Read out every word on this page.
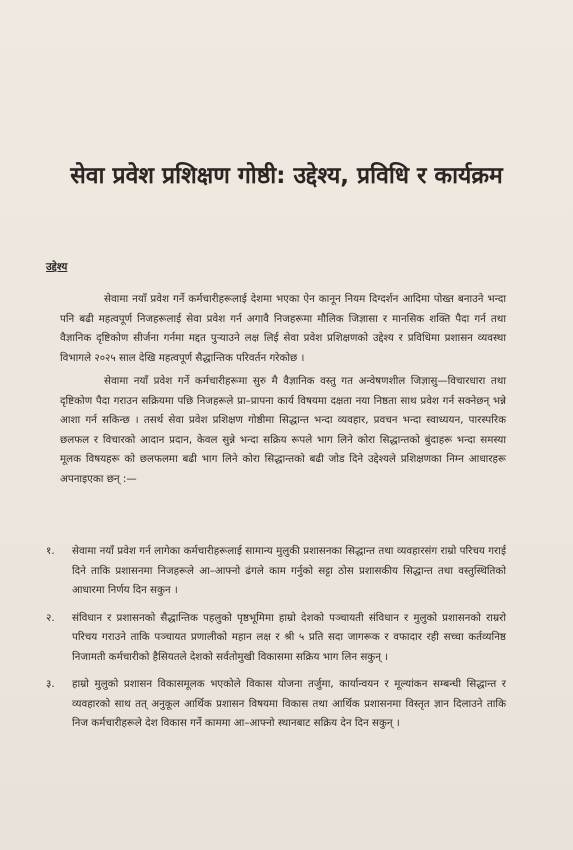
सेवा प्रवेश प्रशिक्षण गोष्ठी: उद्देश्य, प्रविधि र कार्यक्रम
उद्देश्य

सेवामा नयाँ प्रवेश गर्ने कर्मचारीहरूलाई देशमा भएका ऐन कानून नियम दिग्दर्शन आदिमा पोख्त बनाउने भन्दा पनि बढी महत्वपूर्ण निजहरूलाई सेवा प्रवेश गर्न अगावै निजहरूमा मौलिक जिज्ञासा र मानसिक शक्ति पैदा गर्न तथा वैज्ञानिक दृष्टिकोण सीर्जना गर्नमा मद्दत पुऱ्याउने लक्ष लिई सेवा प्रवेश प्रशिक्षणको उद्देश्य र प्रविधिमा प्रशासन व्यवस्था विभागले २०२५ साल देखि महत्वपूर्ण सैद्धान्तिक परिवर्तन गरेकोछ ।

सेवामा नयाँ प्रवेश गर्ने कर्मचारीहरूमा सुरु मै वैज्ञानिक वस्तु गत अन्वेषणशील जिज्ञासु—विचारधारा तथा दृष्टिकोण पैदा गराउन सक्रियमा पछि निजहरूले प्रा–प्रापना कार्य विषयमा दक्षता नया निष्ठता साथ प्रवेश गर्न सक्नेछन् भन्ने आशा गर्न सकिन्छ । तसर्थ सेवा प्रवेश प्रशिक्षण गोष्ठीमा सिद्धान्त भन्दा व्यवहार, प्रवचन भन्दा स्वाध्ययन, पारस्परिक छलफल र विचारको आदान प्रदान, केवल सुन्ने भन्दा सक्रिय रूपले भाग लिने कोरा सिद्धान्तको बुंदाहरू भन्दा समस्या मूलक विषयहरू को छलफलमा बढी भाग लिने कोरा सिद्धान्तको बढी जोड दिने उद्देश्यले प्रशिक्षणका निम्न आधारहरू अपनाइएका छन् :—

१. सेवामा नयाँ प्रवेश गर्न लागेका कर्मचारीहरूलाई सामान्य मुलुकी प्रशासनका सिद्धान्त तथा व्यवहारसंग राम्रो परिचय गराई दिने ताकि प्रशासनमा निजहरूले आ–आफ्नो ढंगले काम गर्नुको सट्टा ठोस प्रशासकीय सिद्धान्त तथा वस्तुस्थितिको आधारमा निर्णय दिन सकुन ।
२. संविधान र प्रशासनको सैद्धान्तिक पहलुको पृष्ठभूमिमा हाम्रो देशको पञ्चायती संविधान र मुलुको प्रशासनको राम्ररो परिचय गराउने ताकि पञ्चायत प्रणालीको महान लक्ष र श्री ५ प्रति सदा जागरूक र वफादार रही सच्चा कर्तव्यनिष्ठ निजामती कर्मचारीको हैसियतले देशको सर्वतोमुखी विकासमा सक्रिय भाग लिन सकुन् ।
३. हाम्रो मुलुको प्रशासन विकासमूलक भएकोले विकास योजना तर्जुमा, कार्यान्वयन र मूल्यांकन सम्बन्धी सिद्धान्त र व्यवहारको साथ तत् अनुकूल आर्थिक प्रशासन विषयमा विकास तथा आर्थिक प्रशासनमा विस्तृत ज्ञान दिलाउने ताकि निज कर्मचारीहरूले देश विकास गर्ने काममा आ–आफ्नो स्थानबाट सक्रिय देन दिन सकुन् ।
